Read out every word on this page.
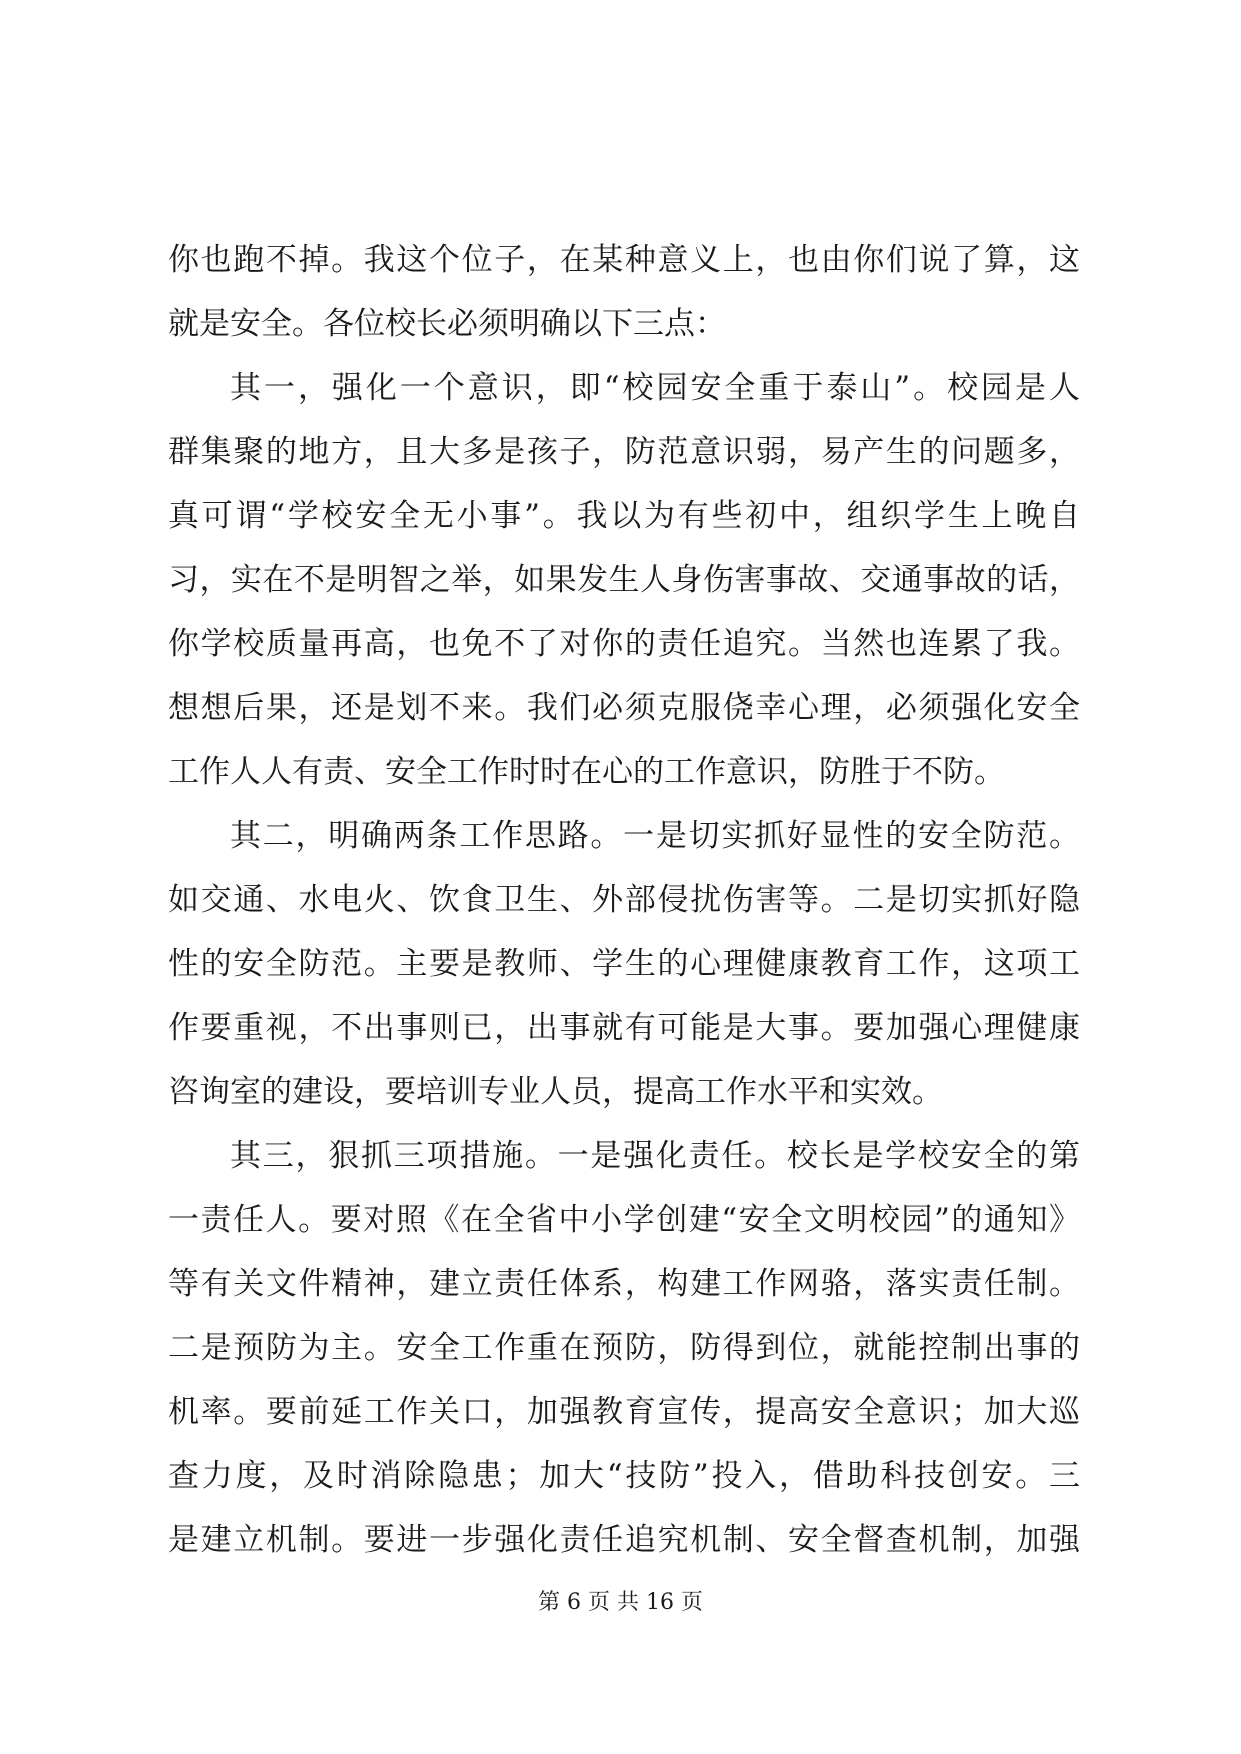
你也跑不掉。我这个位子，在某种意义上，也由你们说了算，这
就是安全。各位校长必须明确以下三点：
其一，强化一个意识，即“校园安全重于泰山”。校园是人
群集聚的地方，且大多是孩子，防范意识弱，易产生的问题多，
真可谓“学校安全无小事”。我以为有些初中，组织学生上晚自
习，实在不是明智之举，如果发生人身伤害事故、交通事故的话，
你学校质量再高，也免不了对你的责任追究。当然也连累了我。
想想后果，还是划不来。我们必须克服侥幸心理，必须强化安全
工作人人有责、安全工作时时在心的工作意识，防胜于不防。
其二，明确两条工作思路。一是切实抓好显性的安全防范。
如交通、水电火、饮食卫生、外部侵扰伤害等。二是切实抓好隐
性的安全防范。主要是教师、学生的心理健康教育工作，这项工
作要重视，不出事则已，出事就有可能是大事。要加强心理健康
咨询室的建设，要培训专业人员，提高工作水平和实效。
其三，狠抓三项措施。一是强化责任。校长是学校安全的第
一责任人。要对照《在全省中小学创建“安全文明校园”的通知》
等有关文件精神，建立责任体系，构建工作网骆，落实责任制。
二是预防为主。安全工作重在预防，防得到位，就能控制出事的
机率。要前延工作关口，加强教育宣传，提高安全意识；加大巡
查力度，及时消除隐患；加大“技防”投入，借助科技创安。三
是建立机制。要进一步强化责任追究机制、安全督查机制，加强
第 6 页 共 16 页
